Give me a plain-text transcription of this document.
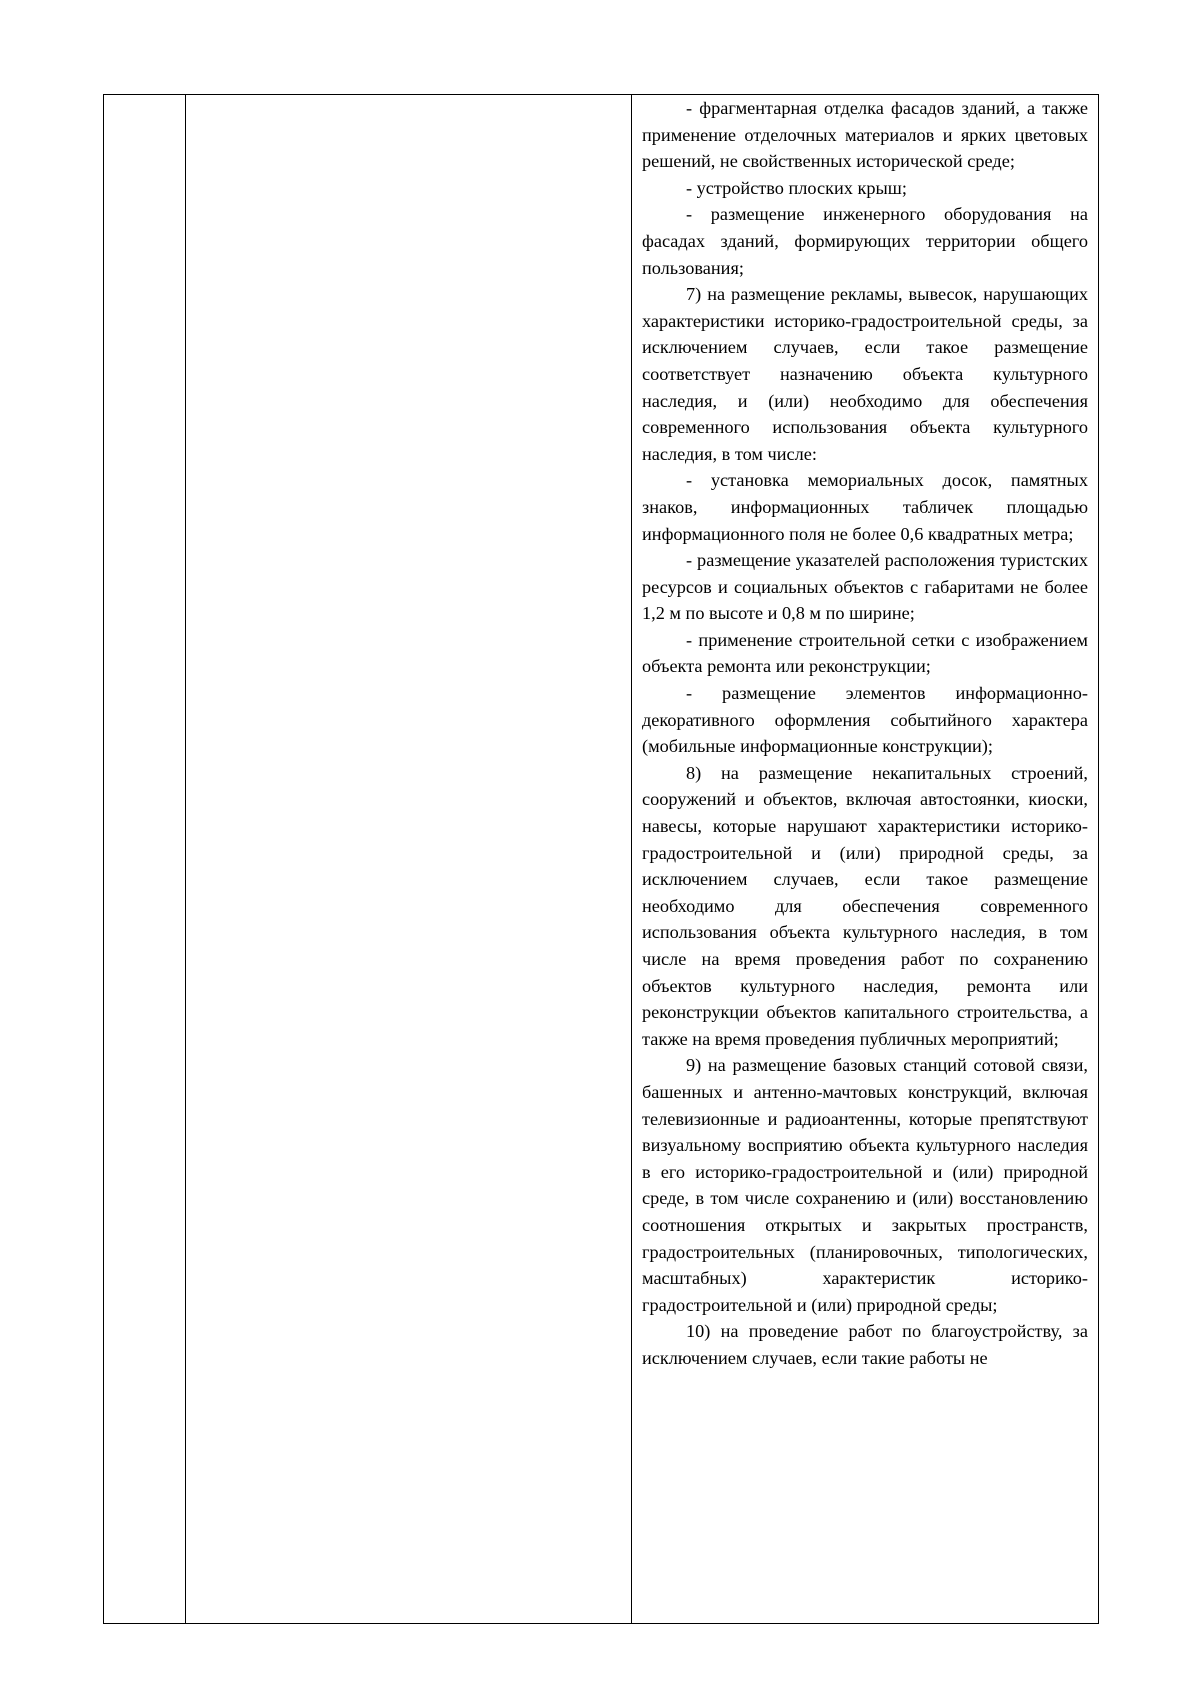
- фрагментарная отделка фасадов зданий, а также применение отделочных материалов и ярких цветовых решений, не свойственных исторической среде;

- устройство плоских крыш;

- размещение инженерного оборудования на фасадах зданий, формирующих территории общего пользования;

7) на размещение рекламы, вывесок, нарушающих характеристики историко-градостроительной среды, за исключением случаев, если такое размещение соответствует назначению объекта культурного наследия, и (или) необходимо для обеспечения современного использования объекта культурного наследия, в том числе:

- установка мемориальных досок, памятных знаков, информационных табличек площадью информационного поля не более 0,6 квадратных метра;

- размещение указателей расположения туристских ресурсов и социальных объектов с габаритами не более 1,2 м по высоте и 0,8 м по ширине;

- применение строительной сетки с изображением объекта ремонта или реконструкции;

- размещение элементов информационно-декоративного оформления событийного характера (мобильные информационные конструкции);

8) на размещение некапитальных строений, сооружений и объектов, включая автостоянки, киоски, навесы, которые нарушают характеристики историко-градостроительной и (или) природной среды, за исключением случаев, если такое размещение необходимо для обеспечения современного использования объекта культурного наследия, в том числе на время проведения работ по сохранению объектов культурного наследия, ремонта или реконструкции объектов капитального строительства, а также на время проведения публичных мероприятий;

9) на размещение базовых станций сотовой связи, башенных и антенно-мачтовых конструкций, включая телевизионные и радиоантенны, которые препятствуют визуальному восприятию объекта культурного наследия в его историко-градостроительной и (или) природной среде, в том числе сохранению и (или) восстановлению соотношения открытых и закрытых пространств, градостроительных (планировочных, типологических, масштабных) характеристик историко-градостроительной и (или) природной среды;

10) на проведение работ по благоустройству, за исключением случаев, если такие работы не
